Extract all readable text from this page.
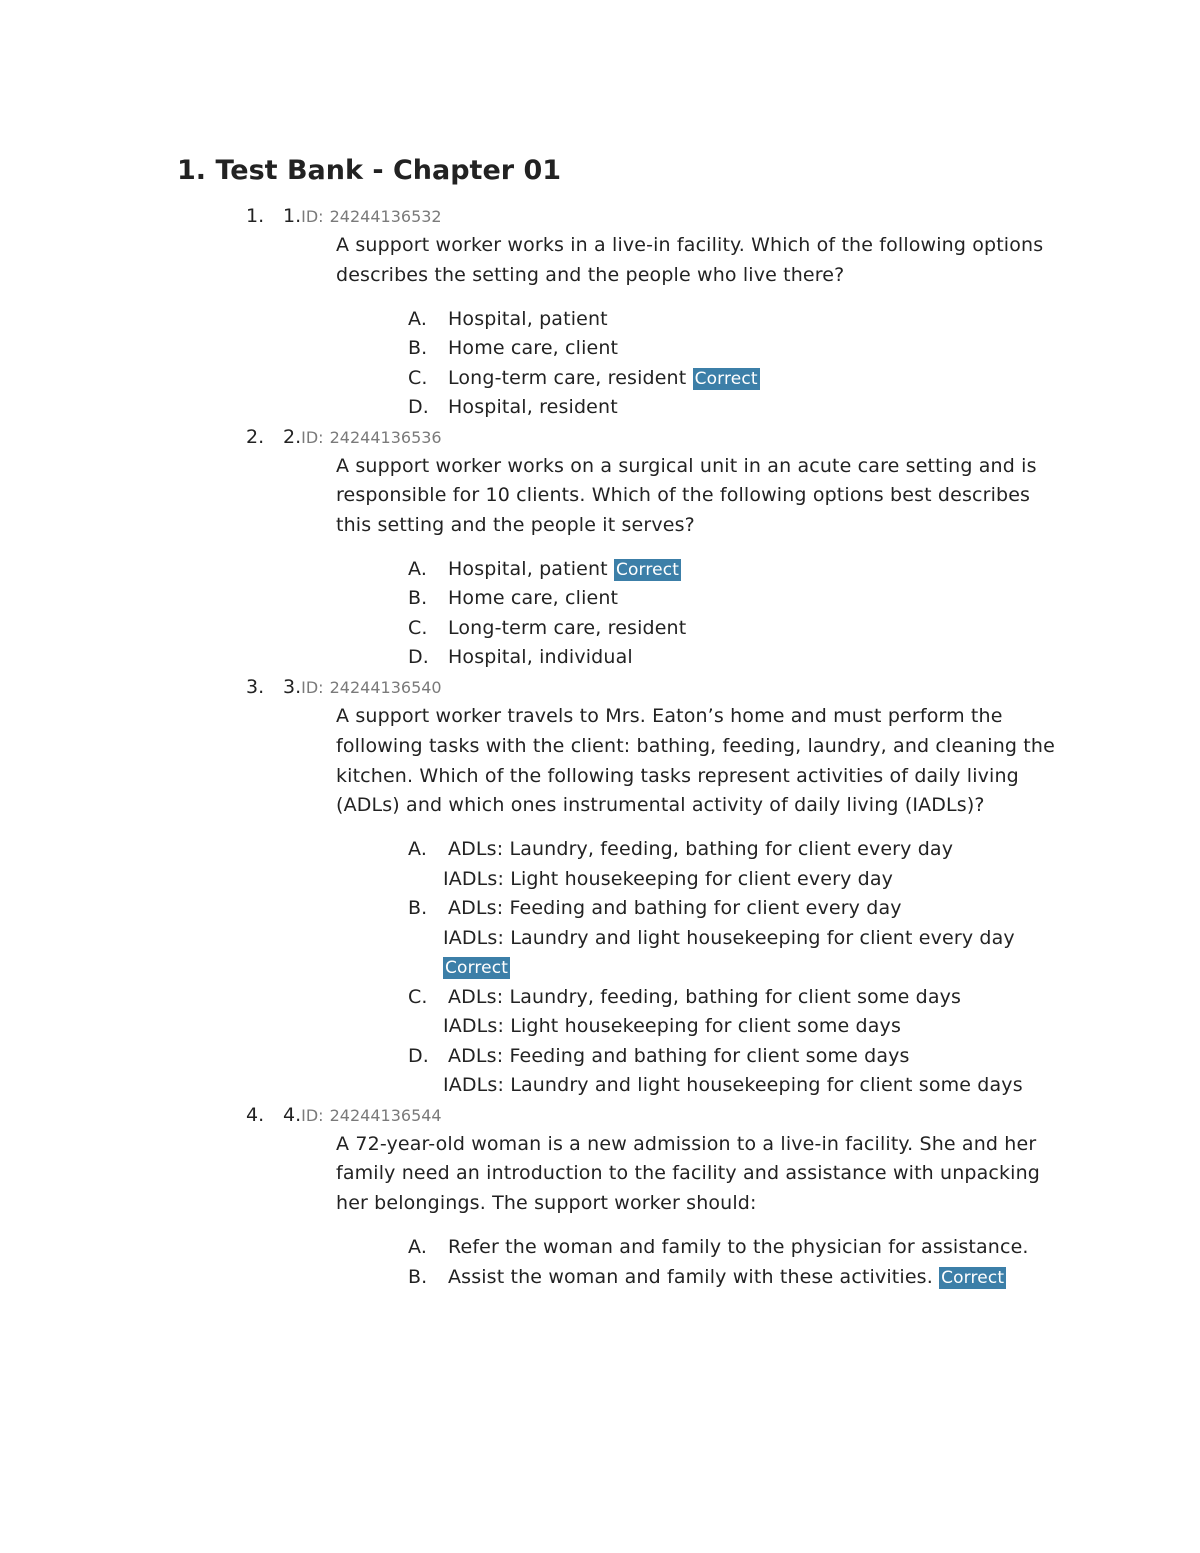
1. Test Bank - Chapter 01
1. 1.ID: 24244136532

A support worker works in a live-in facility. Which of the following options describes the setting and the people who live there?

A. Hospital, patient
B. Home care, client
C. Long-term care, resident Correct
D. Hospital, resident
2. 2.ID: 24244136536

A support worker works on a surgical unit in an acute care setting and is responsible for 10 clients. Which of the following options best describes this setting and the people it serves?

A. Hospital, patient Correct
B. Home care, client
C. Long-term care, resident
D. Hospital, individual
3. 3.ID: 24244136540

A support worker travels to Mrs. Eaton’s home and must perform the following tasks with the client: bathing, feeding, laundry, and cleaning the kitchen. Which of the following tasks represent activities of daily living (ADLs) and which ones instrumental activity of daily living (IADLs)?

A. ADLs: Laundry, feeding, bathing for client every day
IADLs: Light housekeeping for client every day
B. ADLs: Feeding and bathing for client every day
IADLs: Laundry and light housekeeping for client every day Correct
C. ADLs: Laundry, feeding, bathing for client some days
IADLs: Light housekeeping for client some days
D. ADLs: Feeding and bathing for client some days
IADLs: Laundry and light housekeeping for client some days
4. 4.ID: 24244136544

A 72-year-old woman is a new admission to a live-in facility. She and her family need an introduction to the facility and assistance with unpacking her belongings. The support worker should:

A. Refer the woman and family to the physician for assistance.
B. Assist the woman and family with these activities. Correct
